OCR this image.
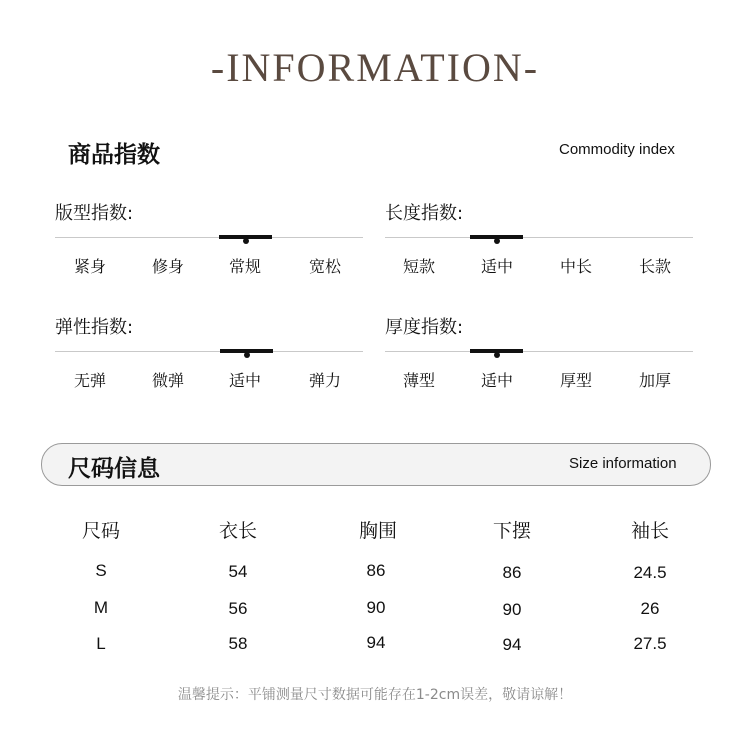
-INFORMATION-
商品指数	Commodity index
版型指数:
紧身	修身	常规	宽松
长度指数:
短款	适中	中长	长款
弹性指数:
无弹	微弹	适中	弹力
厚度指数:
薄型	适中	厚型	加厚
尺码信息	Size information
尺码	衣长	胸围	下摆	袖长
S	54	86	86	24.5
M	56	90	90	26
L	58	94	94	27.5
温馨提示：平铺测量尺寸数据可能存在1-2cm误差，敬请谅解！
